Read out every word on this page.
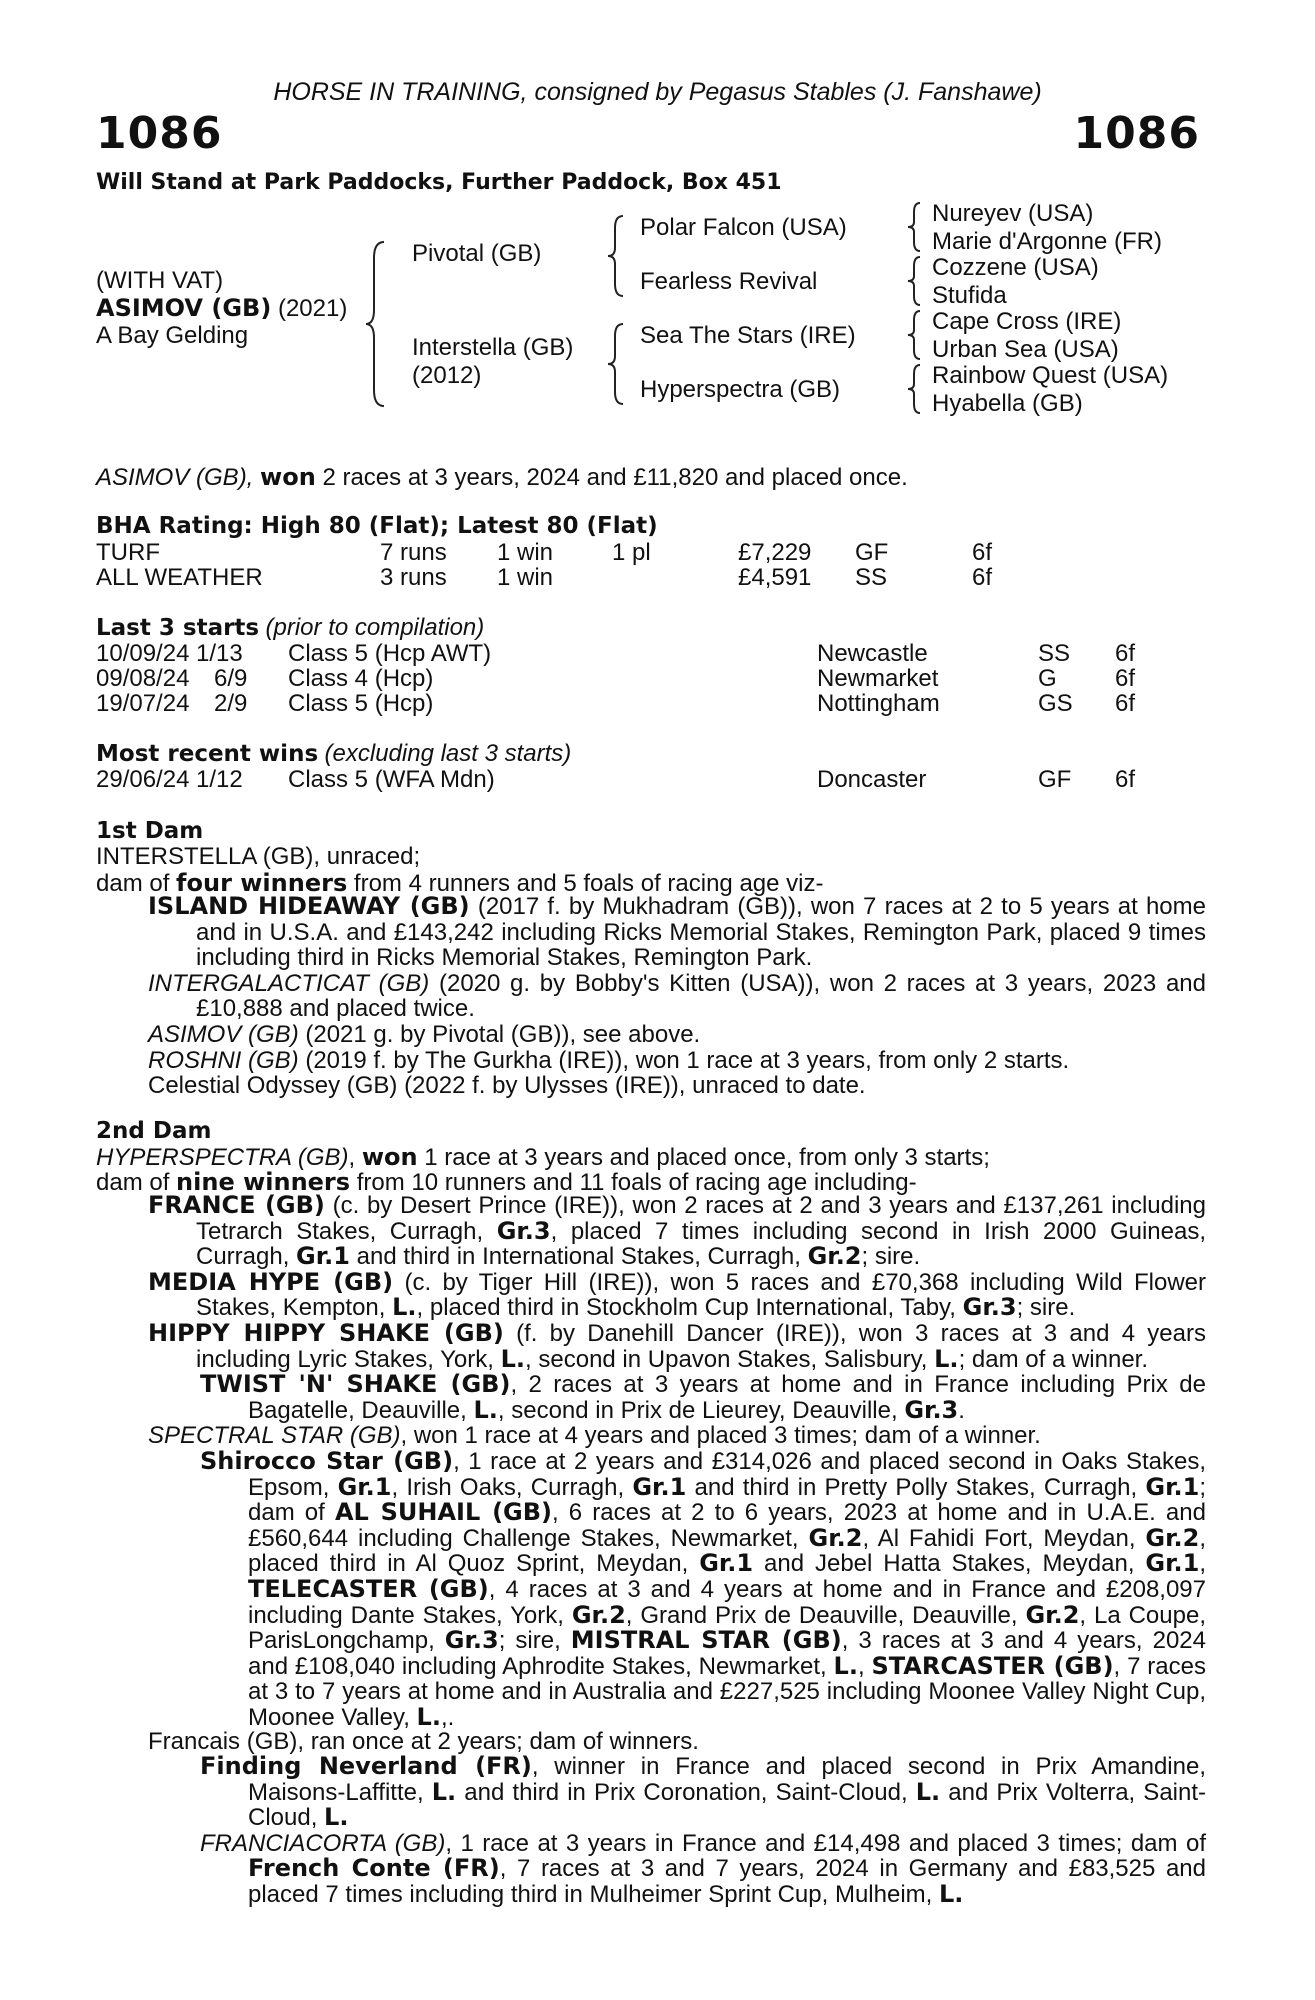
HORSE IN TRAINING, consigned by Pegasus Stables (J. Fanshawe)
1086	1086
Will Stand at Park Paddocks, Further Paddock, Box 451
(WITH VAT)
ASIMOV (GB) (2021)
A Bay Gelding
Pivotal (GB)
Interstella (GB)
(2012)
Polar Falcon (USA)
Fearless Revival
Sea The Stars (IRE)
Hyperspectra (GB)
Nureyev (USA)
Marie d'Argonne (FR)
Cozzene (USA)
Stufida
Cape Cross (IRE)
Urban Sea (USA)
Rainbow Quest (USA)
Hyabella (GB)
ASIMOV (GB), won 2 races at 3 years, 2024 and £11,820 and placed once.
BHA Rating: High 80 (Flat); Latest 80 (Flat)
TURF	7 runs 1 win 1 pl	£7,229 GF	6f
ALL WEATHER	3 runs 1 win	£4,591 SS	6f
Last 3 starts (prior to compilation)
10/09/24 1/13 Class 5 (Hcp AWT)	Newcastle	SS 6f
09/08/24 6/9 Class 4 (Hcp)	Newmarket	G 6f
19/07/24 2/9 Class 5 (Hcp)	Nottingham	GS 6f
Most recent wins (excluding last 3 starts)
29/06/24 1/12 Class 5 (WFA Mdn)	Doncaster	GF 6f
1st Dam
INTERSTELLA (GB), unraced;
dam of four winners from 4 runners and 5 foals of racing age viz-

ISLAND HIDEAWAY (GB) (2017 f. by Mukhadram (GB)), won 7 races at 2 to 5 years at home and in U.S.A. and £143,242 including Ricks Memorial Stakes, Remington Park, placed 9 times including third in Ricks Memorial Stakes, Remington Park.

INTERGALACTICAT (GB) (2020 g. by Bobby's Kitten (USA)), won 2 races at 3 years, 2023 and £10,888 and placed twice.

ASIMOV (GB) (2021 g. by Pivotal (GB)), see above.

ROSHNI (GB) (2019 f. by The Gurkha (IRE)), won 1 race at 3 years, from only 2 starts.

Celestial Odyssey (GB) (2022 f. by Ulysses (IRE)), unraced to date.

2nd Dam
HYPERSPECTRA (GB), won 1 race at 3 years and placed once, from only 3 starts;
dam of nine winners from 10 runners and 11 foals of racing age including-

FRANCE (GB) (c. by Desert Prince (IRE)), won 2 races at 2 and 3 years and £137,261 including Tetrarch Stakes, Curragh, Gr.3, placed 7 times including second in Irish 2000 Guineas, Curragh, Gr.1 and third in International Stakes, Curragh, Gr.2; sire.

MEDIA HYPE (GB) (c. by Tiger Hill (IRE)), won 5 races and £70,368 including Wild Flower Stakes, Kempton, L., placed third in Stockholm Cup International, Taby, Gr.3; sire.

HIPPY HIPPY SHAKE (GB) (f. by Danehill Dancer (IRE)), won 3 races at 3 and 4 years including Lyric Stakes, York, L., second in Upavon Stakes, Salisbury, L.; dam of a winner.

TWIST 'N' SHAKE (GB), 2 races at 3 years at home and in France including Prix de Bagatelle, Deauville, L., second in Prix de Lieurey, Deauville, Gr.3.

SPECTRAL STAR (GB), won 1 race at 4 years and placed 3 times; dam of a winner.

Shirocco Star (GB), 1 race at 2 years and £314,026 and placed second in Oaks Stakes, Epsom, Gr.1, Irish Oaks, Curragh, Gr.1 and third in Pretty Polly Stakes, Curragh, Gr.1; dam of AL SUHAIL (GB), 6 races at 2 to 6 years, 2023 at home and in U.A.E. and £560,644 including Challenge Stakes, Newmarket, Gr.2, Al Fahidi Fort, Meydan, Gr.2, placed third in Al Quoz Sprint, Meydan, Gr.1 and Jebel Hatta Stakes, Meydan, Gr.1, TELECASTER (GB), 4 races at 3 and 4 years at home and in France and £208,097 including Dante Stakes, York, Gr.2, Grand Prix de Deauville, Deauville, Gr.2, La Coupe, ParisLongchamp, Gr.3; sire, MISTRAL STAR (GB), 3 races at 3 and 4 years, 2024 and £108,040 including Aphrodite Stakes, Newmarket, L., STARCASTER (GB), 7 races at 3 to 7 years at home and in Australia and £227,525 including Moonee Valley Night Cup, Moonee Valley, L.,.

Francais (GB), ran once at 2 years; dam of winners.

Finding Neverland (FR), winner in France and placed second in Prix Amandine, Maisons-Laffitte, L. and third in Prix Coronation, Saint-Cloud, L. and Prix Volterra, Saint-Cloud, L.

FRANCIACORTA (GB), 1 race at 3 years in France and £14,498 and placed 3 times; dam of French Conte (FR), 7 races at 3 and 7 years, 2024 in Germany and £83,525 and placed 7 times including third in Mulheimer Sprint Cup, Mulheim, L.
